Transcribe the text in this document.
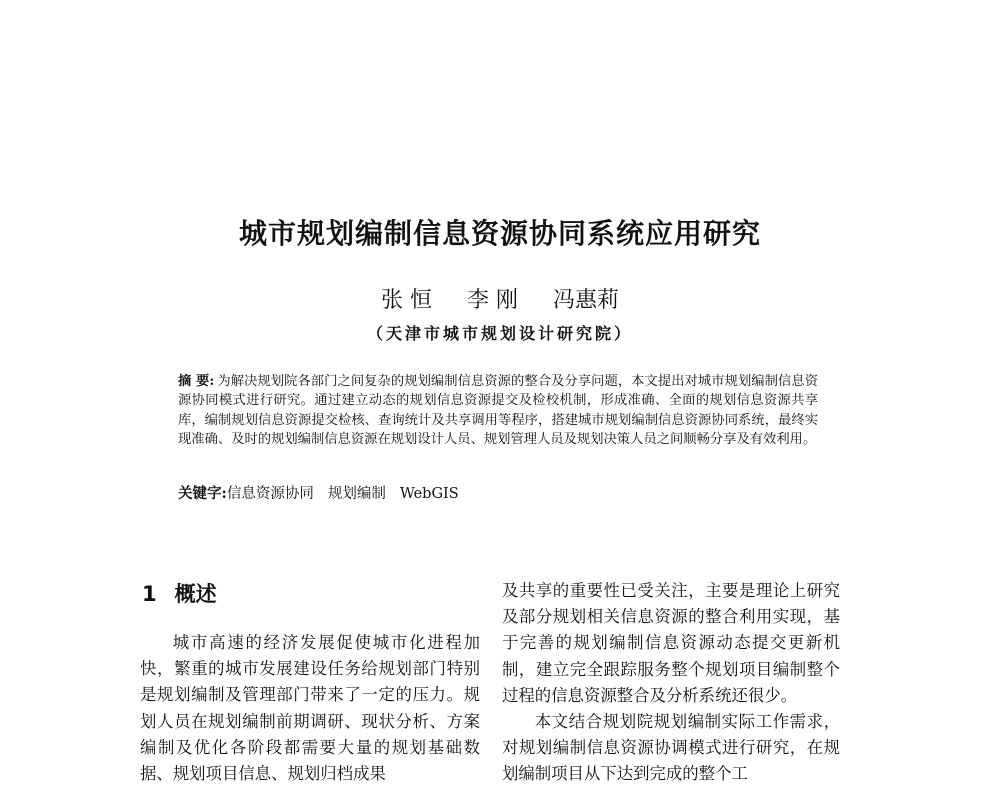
城市规划编制信息资源协同系统应用研究
张 恒 李 刚 冯惠莉
（天津市城市规划设计研究院）
摘 要: 为解决规划院各部门之间复杂的规划编制信息资源的整合及分享问题，本文提出对城市规划编制信息资源协同模式进行研究。通过建立动态的规划信息资源提交及检校机制，形成准确、全面的规划信息资源共享库，编制规划信息资源提交检核、查询统计及共享调用等程序，搭建城市规划编制信息资源协同系统，最终实现准确、及时的规划编制信息资源在规划设计人员、规划管理人员及规划决策人员之间顺畅分享及有效利用。
关键字:信息资源协同 规划编制 WebGIS
1 概述

城市高速的经济发展促使城市化进程加快，繁重的城市发展建设任务给规划部门特别是规划编制及管理部门带来了一定的压力。规划人员在规划编制前期调研、现状分析、方案编制及优化各阶段都需要大量的规划基础数据、规划项目信息、规划归档成果

及共享的重要性已受关注，主要是理论上研究及部分规划相关信息资源的整合利用实现，基于完善的规划编制信息资源动态提交更新机制，建立完全跟踪服务整个规划项目编制整个过程的信息资源整合及分析系统还很少。

本文结合规划院规划编制实际工作需求，对规划编制信息资源协调模式进行研究，在规划编制项目从下达到完成的整个工
